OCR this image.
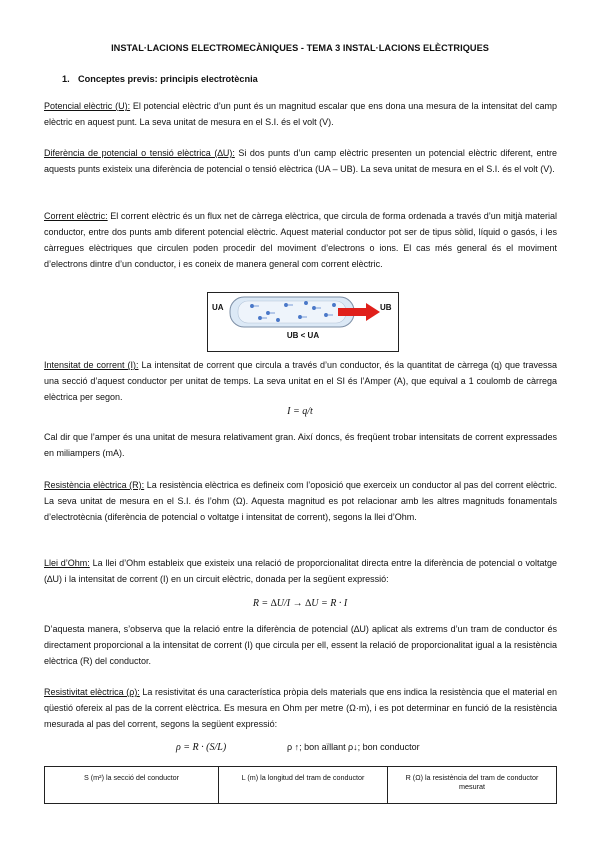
INSTAL·LACIONS ELECTROMECÀNIQUES - TEMA 3 INSTAL·LACIONS ELÈCTRIQUES
1. Conceptes previs: principis electrotècnia

Potencial elèctric (U): El potencial elèctric d’un punt és un magnitud escalar que ens dona una mesura de la intensitat del camp elèctric en aquest punt. La seva unitat de mesura en el S.I. és el volt (V).

Diferència de potencial o tensió elèctrica (∆U): Si dos punts d’un camp elèctric presenten un potencial elèctric diferent, entre aquests punts existeix una diferència de potencial o tensió elèctrica (UA – UB). La seva unitat de mesura en el S.I. és el volt (V).

Corrent elèctric: El corrent elèctric és un flux net de càrrega elèctrica, que circula de forma ordenada a través d’un mitjà material conductor, entre dos punts amb diferent potencial elèctric. Aquest material conductor pot ser de tipus sòlid, líquid o gasós, i les càrregues elèctriques que circulen poden procedir del moviment d’electrons o ions. El cas més general és el moviment d’electrons dintre d’un conductor, i es coneix de manera general com corrent elèctric.

UA	UB
UB < UA

Intensitat de corrent (I): La intensitat de corrent que circula a través d’un conductor, és la quantitat de càrrega (q) que travessa una secció d’aquest conductor per unitat de temps. La seva unitat en el SI és l’Amper (A), que equival a 1 coulomb de càrrega elèctrica per segon.

I = q/t

Cal dir que l’amper és una unitat de mesura relativament gran. Així doncs, és freqüent trobar intensitats de corrent expressades en miliampers (mA).

Resistència elèctrica (R): La resistència elèctrica es defineix com l’oposició que exerceix un conductor al pas del corrent elèctric. La seva unitat de mesura en el S.I. és l’ohm (Ω). Aquesta magnitud es pot relacionar amb les altres magnituds fonamentals d’electrotècnia (diferència de potencial o voltatge i intensitat de corrent), segons la llei d’Ohm.

Llei d’Ohm: La llei d’Ohm estableix que existeix una relació de proporcionalitat directa entre la diferència de potencial o voltatge (∆U) i la intensitat de corrent (I) en un circuit elèctric, donada per la següent expressió:

R = ∆U/I → ∆U = R · I

D’aquesta manera, s’observa que la relació entre la diferència de potencial (∆U) aplicat als extrems d’un tram de conductor és directament proporcional a la intensitat de corrent (I) que circula per ell, essent la relació de proporcionalitat igual a la resistència elèctrica (R) del conductor.

Resistivitat elèctrica (ρ): La resistivitat és una característica pròpia dels materials que ens indica la resistència que el material en qüestió ofereix al pas de la corrent elèctrica. Es mesura en Ohm per metre (Ω·m), i es pot determinar en funció de la resistència mesurada al pas del corrent, segons la següent expressió:

ρ = R · (S/L)	ρ ↑; bon aïllant ρ↓; bon conductor
S (m²) la secció del conductor	L (m) la longitud del tram de conductor	R (Ω) la resistència del tram de conductor mesurat
